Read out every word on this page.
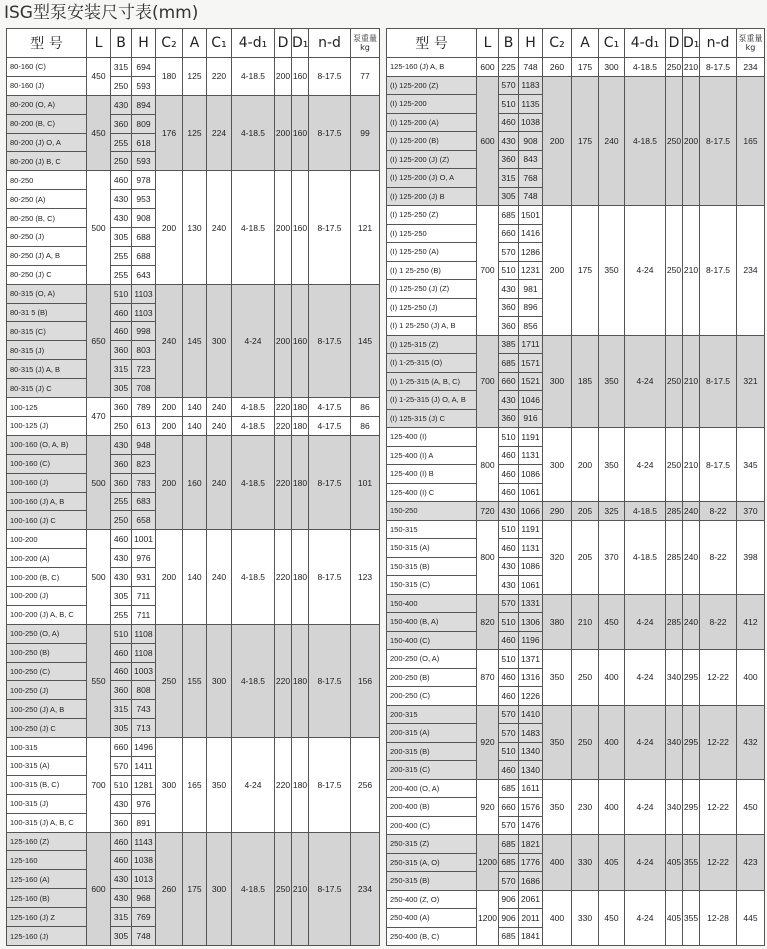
ISG型泵安装尺寸表(mm)
型 号	L	B	H	C₂	A	C₁	4-d₁	D	D₁	n-d	泵重量kg
80-160 (C)	450	315	694	180	125	220	4-18.5	200	160	8-17.5	77
80-160 (J)		250	593								
80-200 (O, A)	450	430	894	176	125	224	4-18.5	200	160	8-17.5	99
80-200 (B, C)		360	809								
80-200 (J) O, A		255	618								
80-200 (J) B, C		250	593								
80-250	500	460	978	200	130	240	4-18.5	200	160	8-17.5	121
80-250 (A)		430	953								
80-250 (B, C)		430	908								
80-250 (J)		305	688								
80-250 (J) A, B		255	688								
80-250 (J) C		255	643								
80-315 (O, A)	650	510	1103	240	145	300	4-24	200	160	8-17.5	145
80-31 5 (B)		460	1103								
80-315 (C)		460	998								
80-315 (J)		360	803								
80-315 (J) A, B		315	723								
80-315 (J) C		305	708								
100-125	470	360	789	200	140	240	4-18.5	220	180	4-17.5	86
100-125 (J)		250	613	200	140	240	4-18.5	220	180	4-17.5	86
100-160 (O, A, B)	500	430	948	200	160	240	4-18.5	220	180	8-17.5	101
100-160 (C)		360	823								
100-160 (J)		360	783								
100-160 (J) A, B		255	683								
100-160 (J) C		250	658								
100-200	500	460	1001	200	140	240	4-18.5	220	180	8-17.5	123
100-200 (A)		430	976								
100-200 (B, C)		430	931								
100-200 (J)		305	711								
100-200 (J) A, B, C		255	711								
100-250 (O, A)	550	510	1108	250	155	300	4-18.5	220	180	8-17.5	156
100-250 (B)		460	1108								
100-250 (C)		460	1003								
100-250 (J)		360	808								
100-250 (J) A, B		315	743								
100-250 (J) C		305	713								
100-315	700	660	1496	300	165	350	4-24	220	180	8-17.5	256
100-315 (A)		570	1411								
100-315 (B, C)		510	1281								
100-315 (J)		430	976								
100-315 (J) A, B, C		360	891								
125-160 (Z)	600	460	1143	260	175	300	4-18.5	250	210	8-17.5	234
125-160		460	1038								
125-160 (A)		430	1013								
125-160 (B)		430	968								
125-160 (J) Z		315	769								
125-160 (J)		305	748								
型 号	L	B	H	C₂	A	C₁	4-d₁	D	D₁	n-d	泵重量kg
125-160 (J) A, B	600	225	748	260	175	300	4-18.5	250	210	8-17.5	234
(I) 125-200 (Z)	600	570	1183	200	175	240	4-18.5	250	200	8-17.5	165
(I) 125-200		510	1135								
(I) 125-200 (A)		460	1038								
(I) 125-200 (B)		430	908								
(I) 125-200 (J) (Z)		360	843								
(I) 125-200 (J) O, A		315	768								
(I) 125-200 (J) B		305	748								
(I) 125-250 (Z)	700	685	1501	200	175	350	4-24	250	210	8-17.5	234
(I) 125-250		660	1416								
(I) 125-250 (A)		570	1286								
(I) 1 25-250 (B)		510	1231								
(I) 125-250 (J) (Z)		430	981								
(I) 125-250 (J)		360	896								
(I) 1 25-250 (J) A, B		360	856								
(I) 125-315 (Z)	700	385	1711	300	185	350	4-24	250	210	8-17.5	321
(I) 1-25-315 (O)		685	1571								
(I) 1-25-315 (A, B, C)		660	1521								
(I) 1-25-315 (J) O, A, B		430	1046								
(I) 125-315 (J) C		360	916								
125-400 (I)	800	510	1191	300	200	350	4-24	250	210	8-17.5	345
125-400 (I) A		460	1131								
125-400 (I) B		460	1086								
125-400 (I) C		460	1061								
150-250	720	430	1066	290	205	325	4-18.5	285	240	8-22	370
150-315	800	510	1191	320	205	370	4-18.5	285	240	8-22	398
150-315 (A)		460	1131								
150-315 (B)		430	1086								
150-315 (C)		430	1061								
150-400	820	570	1331	380	210	450	4-24	285	240	8-22	412
150-400 (B, A)		510	1306								
150-400 (C)		460	1196								
200-250 (O, A)	870	510	1371	350	250	400	4-24	340	295	12-22	400
200-250 (B)		460	1316								
200-250 (C)		460	1226								
200-315	920	570	1410	350	250	400	4-24	340	295	12-22	432
200-315 (A)		570	1483								
200-315 (B)		510	1340								
200-315 (C)		460	1340								
200-400 (O, A)	920	685	1611	350	230	400	4-24	340	295	12-22	450
200-400 (B)		660	1576								
200-400 (C)		570	1476								
250-315 (Z)	1200	685	1821	400	330	405	4-24	405	355	12-22	423
250-315 (A, O)		685	1776								
250-315 (B)		570	1686								
250-400 (Z, O)	1200	906	2061	400	330	450	4-24	405	355	12-28	445
250-400 (A)		906	2011								
250-400 (B, C)		685	1841								
